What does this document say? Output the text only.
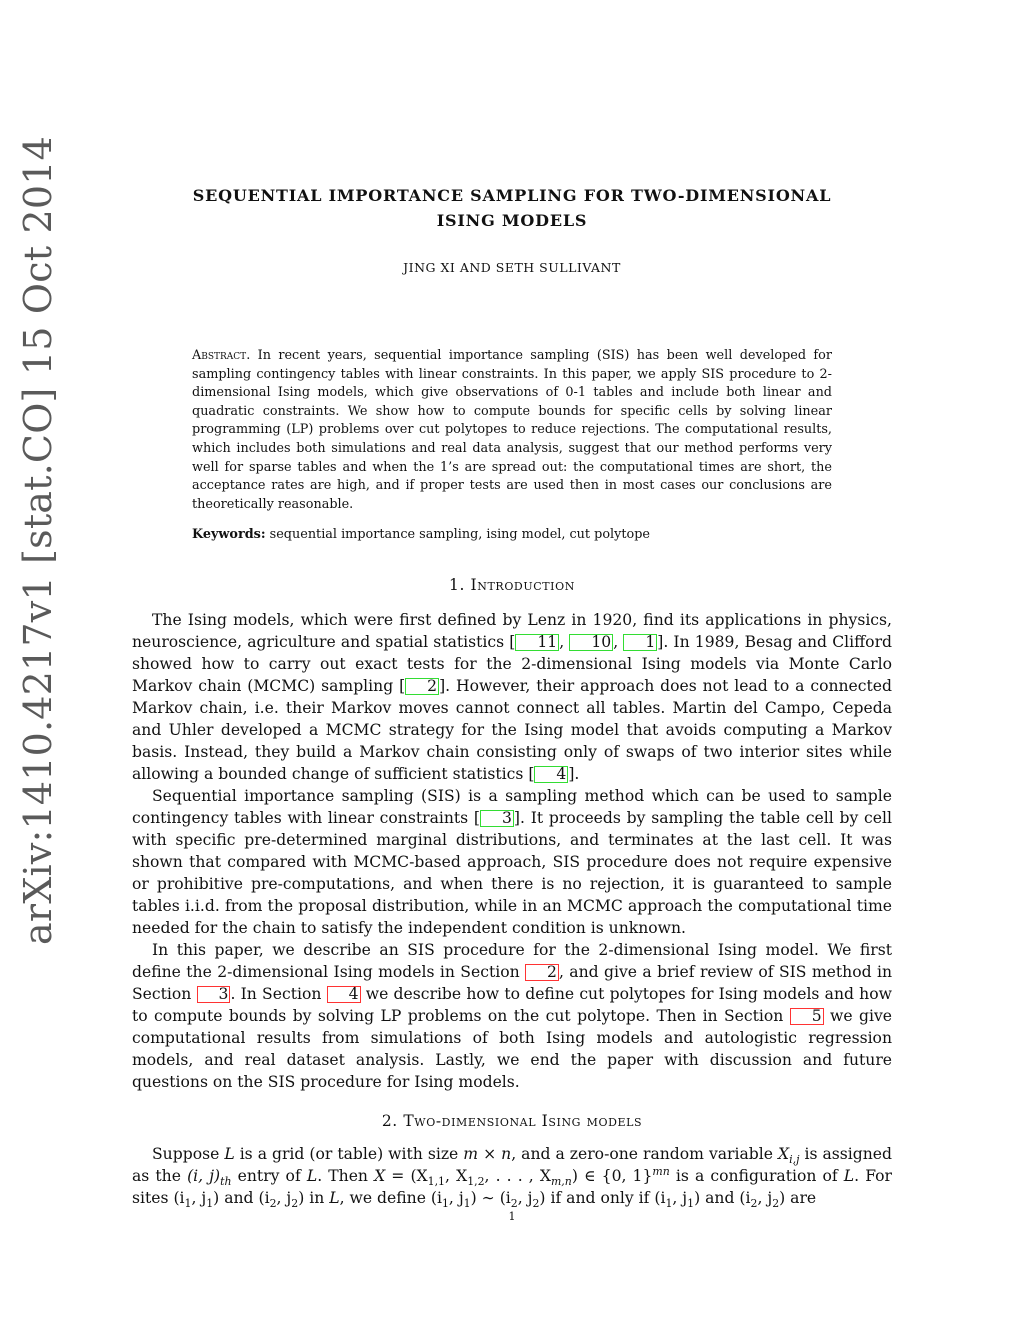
arXiv:1410.4217v1 [stat.CO] 15 Oct 2014	SEQUENTIAL IMPORTANCE SAMPLING FOR TWO-DIMENSIONAL
ISING MODELS
JING XI AND SETH SULLIVANT
Abstract. In recent years, sequential importance sampling (SIS) has been well developed for sampling contingency tables with linear constraints. In this paper, we apply SIS procedure to 2-dimensional Ising models, which give observations of 0-1 tables and include both linear and quadratic constraints. We show how to compute bounds for specific cells by solving linear programming (LP) problems over cut polytopes to reduce rejections. The computational results, which includes both simulations and real data analysis, suggest that our method performs very well for sparse tables and when the 1’s are spread out: the computational times are short, the acceptance rates are high, and if proper tests are used then in most cases our conclusions are theoretically reasonable.
Keywords: sequential importance sampling, ising model, cut polytope
1. Introduction

The Ising models, which were first defined by Lenz in 1920, find its applications in physics, neuroscience, agriculture and spatial statistics [ 11 , 10 , 1 ]. In 1989, Besag and Clifford showed how to carry out exact tests for the 2-dimensional Ising models via Monte Carlo Markov chain (MCMC) sampling [ 2 ]. However, their approach does not lead to a connected Markov chain, i.e. their Markov moves cannot connect all tables. Martin del Campo, Cepeda and Uhler developed a MCMC strategy for the Ising model that avoids computing a Markov basis. Instead, they build a Markov chain consisting only of swaps of two interior sites while allowing a bounded change of sufficient statistics [ 4 ].

Sequential importance sampling (SIS) is a sampling method which can be used to sample contingency tables with linear constraints [ 3 ]. It proceeds by sampling the table cell by cell with specific pre-determined marginal distributions, and terminates at the last cell. It was shown that compared with MCMC-based approach, SIS procedure does not require expensive or prohibitive pre-computations, and when there is no rejection, it is guaranteed to sample tables i.i.d. from the proposal distribution, while in an MCMC approach the computational time needed for the chain to satisfy the independent condition is unknown.

In this paper, we describe an SIS procedure for the 2-dimensional Ising model. We first define the 2-dimensional Ising models in Section 2 , and give a brief review of SIS method in Section 3 . In Section 4 we describe how to define cut polytopes for Ising models and how to compute bounds by solving LP problems on the cut polytope. Then in Section 5 we give computational results from simulations of both Ising models and autologistic regression models, and real dataset analysis. Lastly, we end the paper with discussion and future questions on the SIS procedure for Ising models.

2. Two-dimensional Ising models

Suppose L is a grid (or table) with size m × n, and a zero-one random variable $X_{i,j}$ is assigned as the (i, $j)_{th}$ entry of L. Then $X = (X_{1,1}$, $X_{1,2}$, . . . , $X_{m,n}$) ∈ {0, 1}$^{mn}$ is a configuration of L. For sites ($i_1$, $j_1$) and ($i_2$, $j_2$) in L, we define ($i_1$, $j_1$) ∼ ($i_2$, $j_2$) if and only if ($i_1$, $j_1$) and ($i_2$, $j_2$) are

1
